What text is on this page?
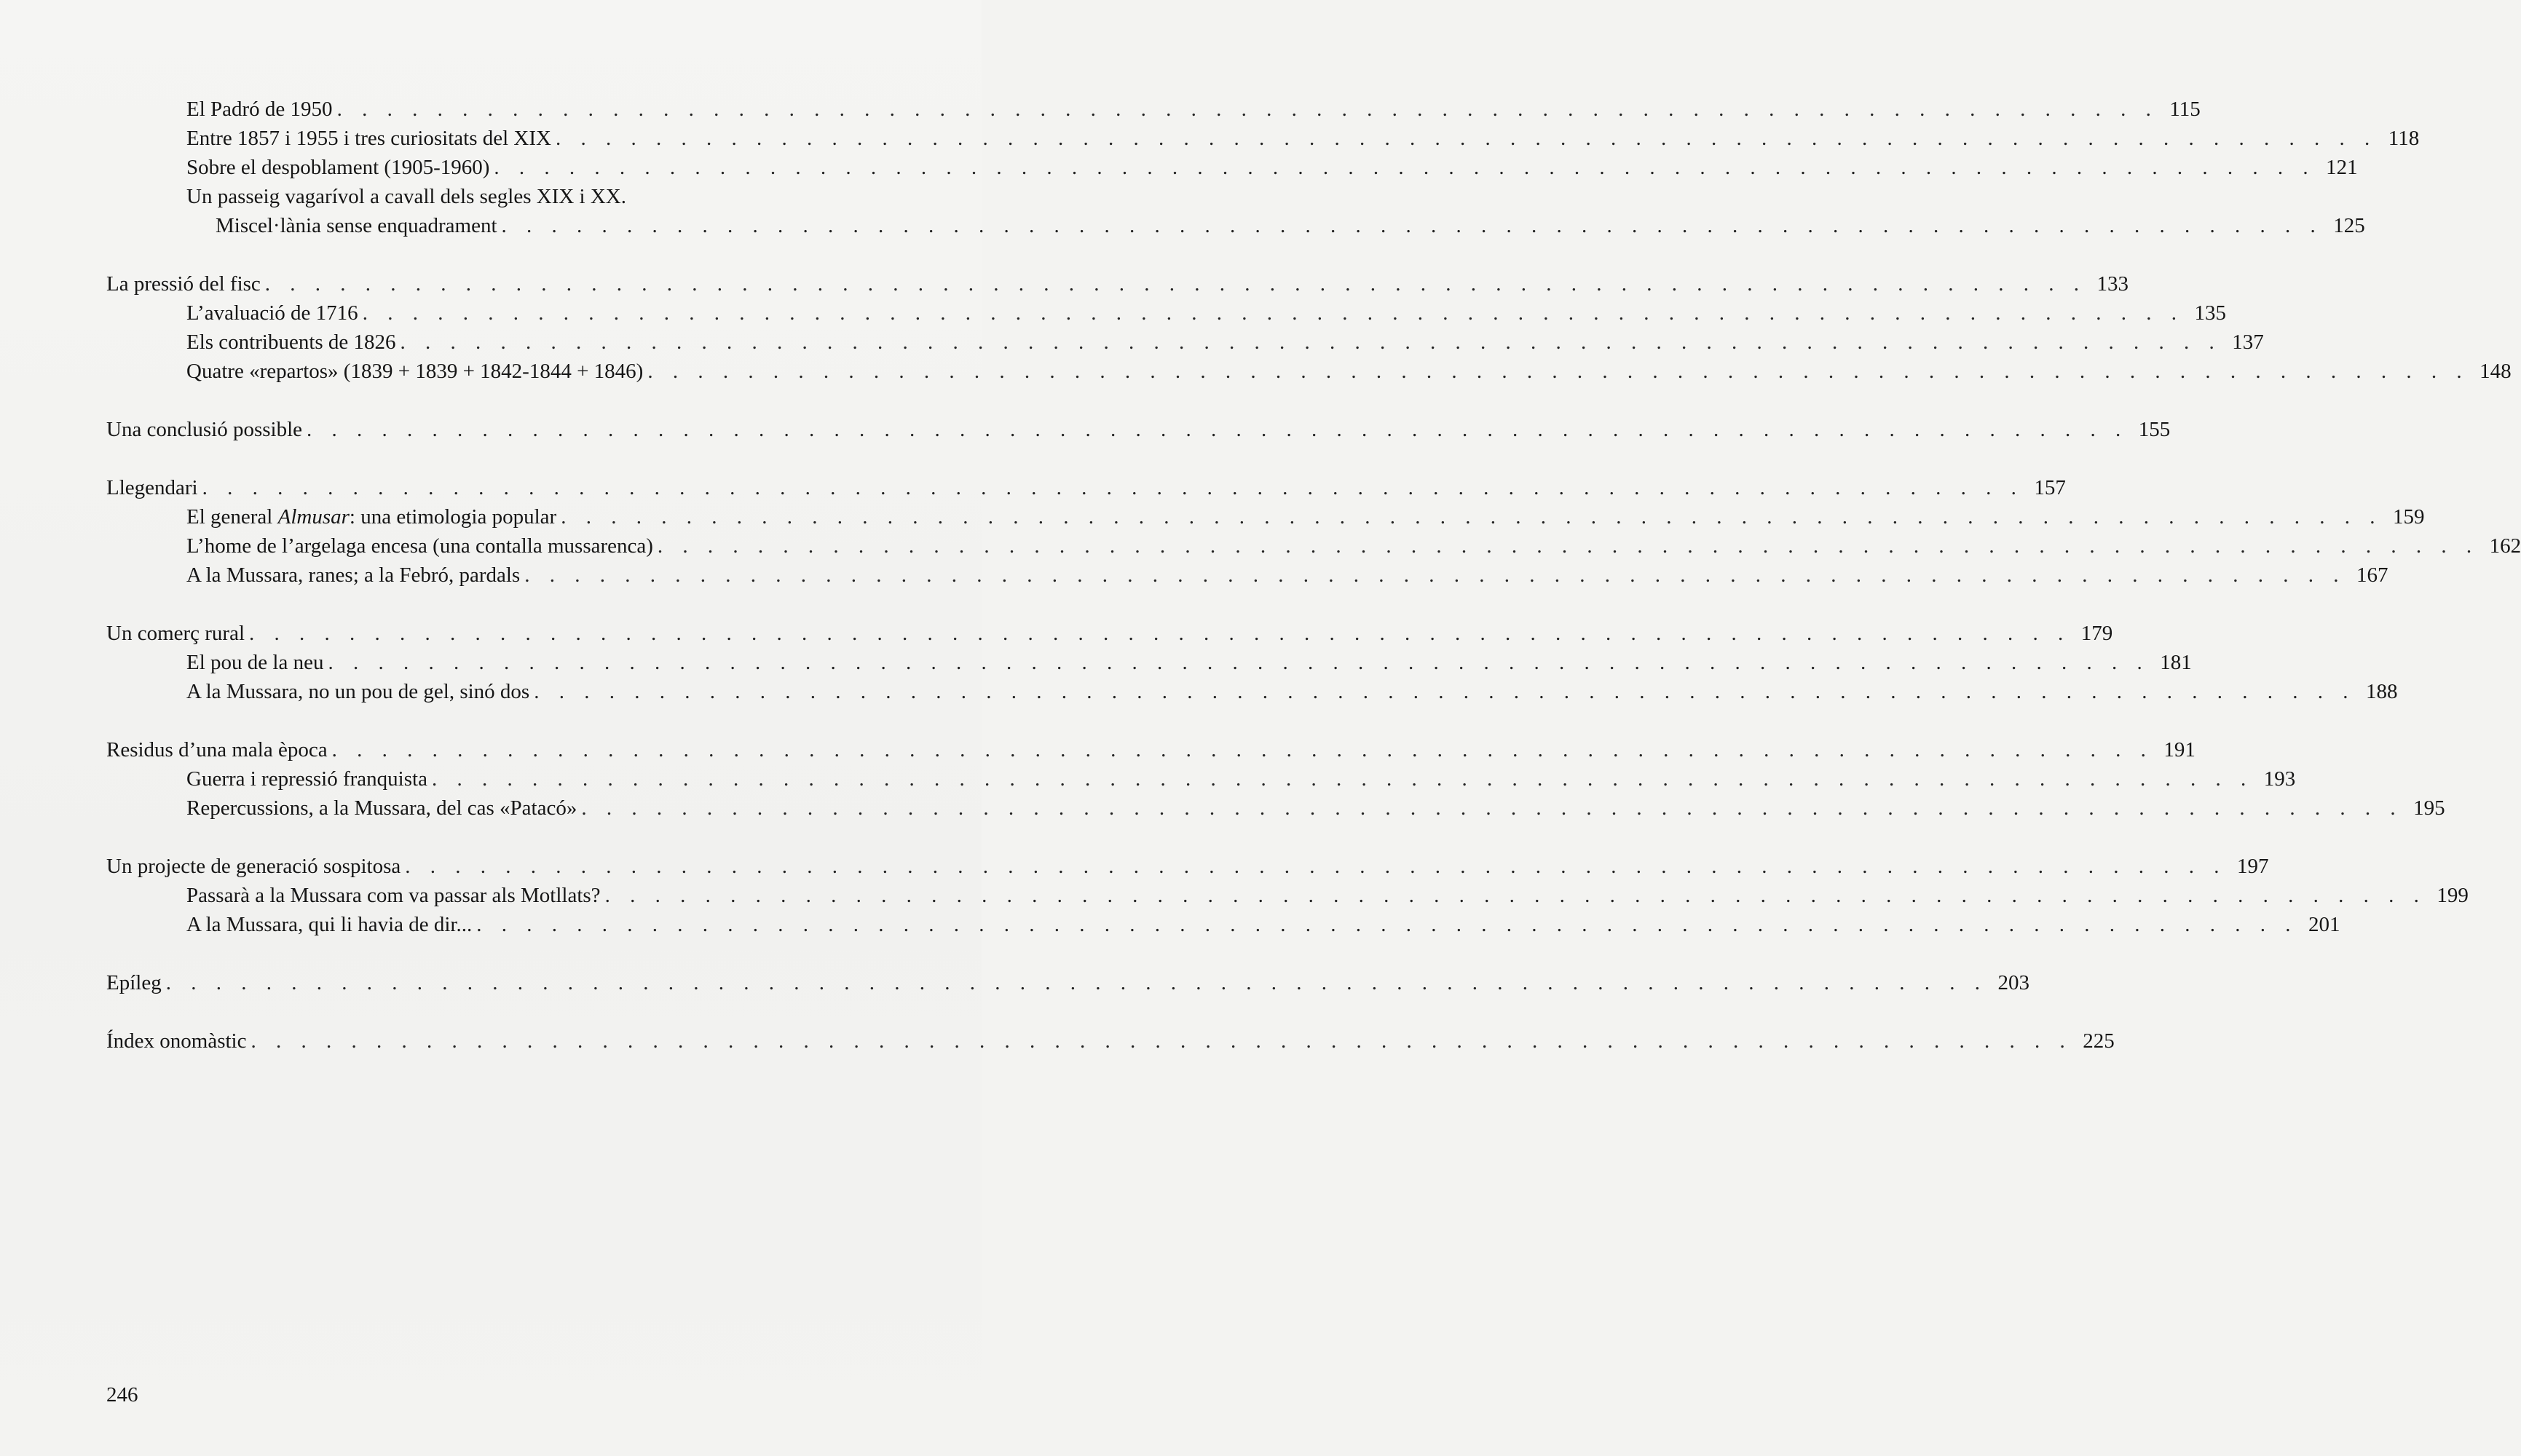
El Padró de 1950 . . .	115
Entre 1857 i 1955 i tres curiositats del XIX . . .	118
Sobre el despoblament (1905-1960) . . .	121
Un passeig vagarívol a cavall dels segles XIX i XX.
Miscel·lània sense enquadrament . . .	125
La pressió del fisc . . .	133
L’avaluació de 1716 . . .	135
Els contribuents de 1826 . . .	137
Quatre «repartos» (1839 + 1839 + 1842-1844 + 1846) . . .	148
Una conclusió possible . . .	155
Llegendari . . .	157
El general Almusar: una etimologia popular . . .	159
L’home de l’argelaga encesa (una contalla mussarenca) . . .	162
A la Mussara, ranes; a la Febró, pardals . . .	167
Un comerç rural . . .	179
El pou de la neu . . .	181
A la Mussara, no un pou de gel, sinó dos . . .	188
Residus d’una mala època . . .	191
Guerra i repressió franquista . . .	193
Repercussions, a la Mussara, del cas «Patacó» . . .	195
Un projecte de generació sospitosa . . .	197
Passarà a la Mussara com va passar als Motllats? . . .	199
A la Mussara, qui li havia de dir... . . .	201
Epíleg . . .	203
Índex onomàstic . . .	225
246
